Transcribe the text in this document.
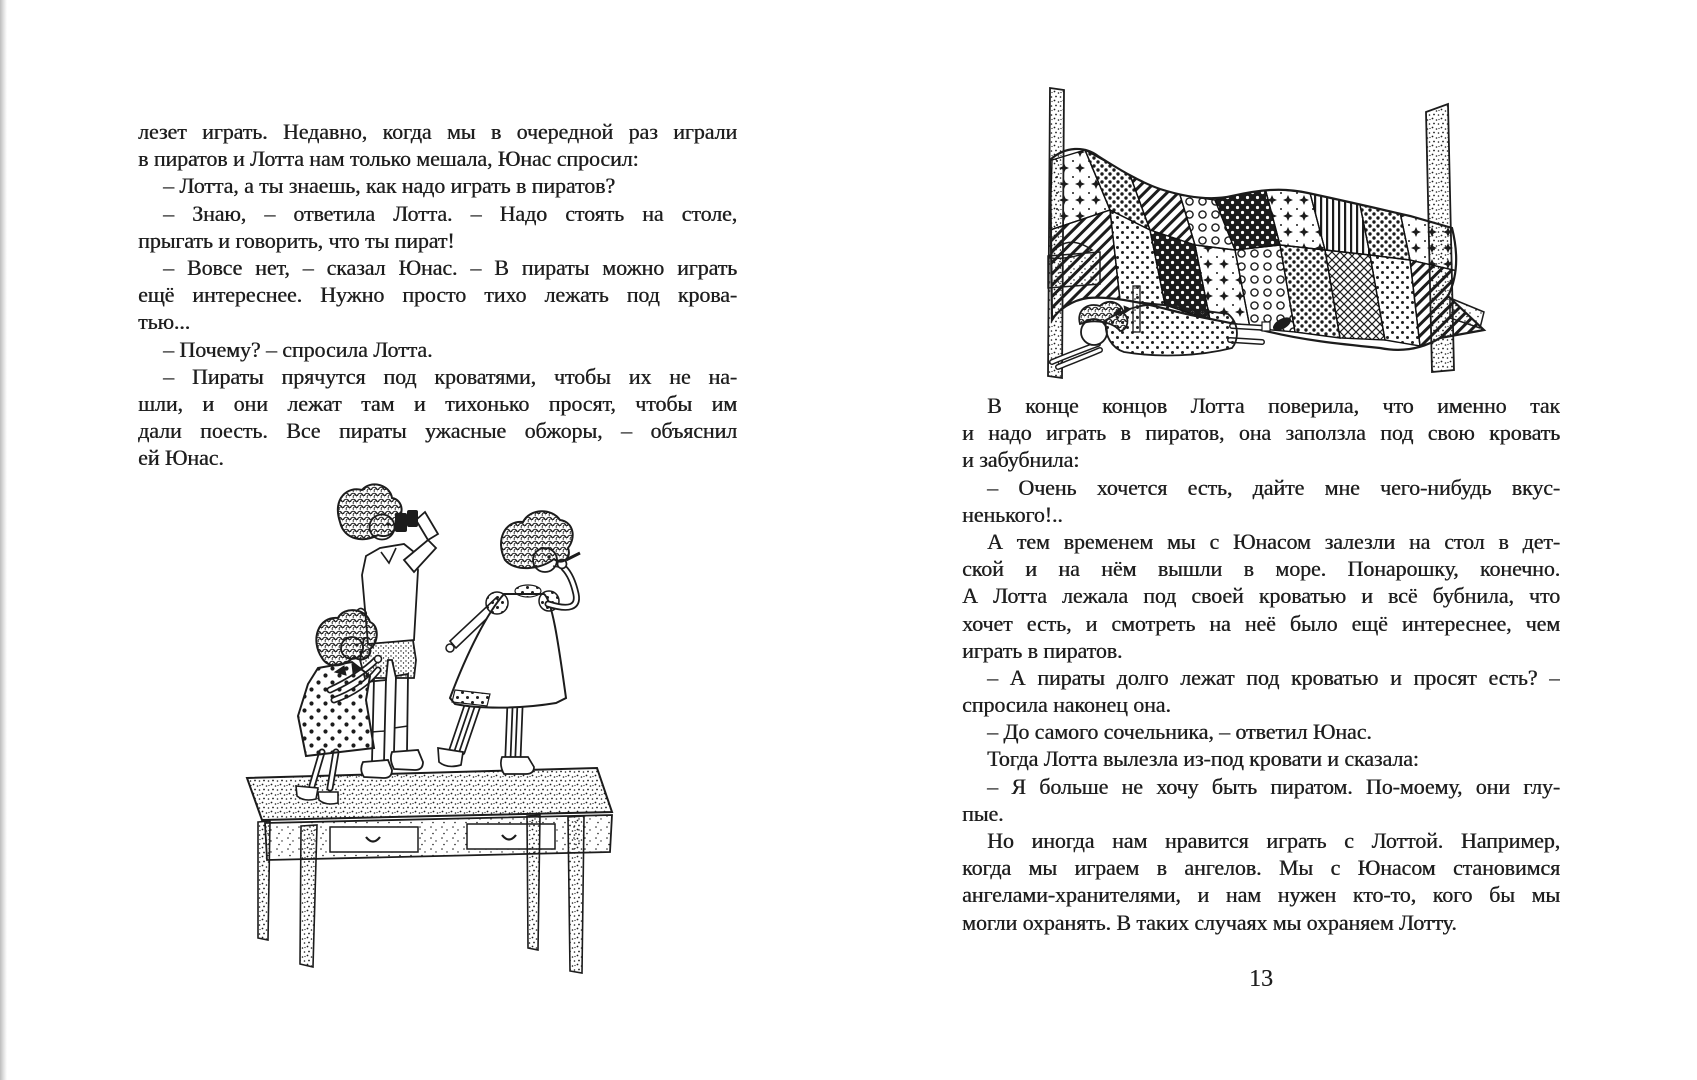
лезет играть. Недавно, когда мы в очередной раз играли
в пиратов и Лотта нам только мешала, Юнас спросил:
– Лотта, а ты знаешь, как надо играть в пиратов?
– Знаю, – ответила Лотта. – Надо стоять на столе,
прыгать и говорить, что ты пират!
– Вовсе нет, – сказал Юнас. – В пираты можно играть
ещё интереснее. Нужно просто тихо лежать под крова-
тью...
– Почему? – спросила Лотта.
– Пираты прячутся под кроватями, чтобы их не на-
шли, и они лежат там и тихонько просят, чтобы им
дали поесть. Все пираты ужасные обжоры, – объяснил
ей Юнас.
В конце концов Лотта поверила, что именно так
и надо играть в пиратов, она заползла под свою кровать
и забубнила:
– Очень хочется есть, дайте мне чего-нибудь вкус-
ненького!..
А тем временем мы с Юнасом залезли на стол в дет-
ской и на нём вышли в море. Понарошку, конечно.
А Лотта лежала под своей кроватью и всё бубнила, что
хочет есть, и смотреть на неё было ещё интереснее, чем
играть в пиратов.
– А пираты долго лежат под кроватью и просят есть? –
спросила наконец она.
– До самого сочельника, – ответил Юнас.
Тогда Лотта вылезла из-под кровати и сказала:
– Я больше не хочу быть пиратом. По-моему, они глу-
пые.
Но иногда нам нравится играть с Лоттой. Например,
когда мы играем в ангелов. Мы с Юнасом становимся
ангелами-хранителями, и нам нужен кто-то, кого бы мы
могли охранять. В таких случаях мы охраняем Лотту.
13
